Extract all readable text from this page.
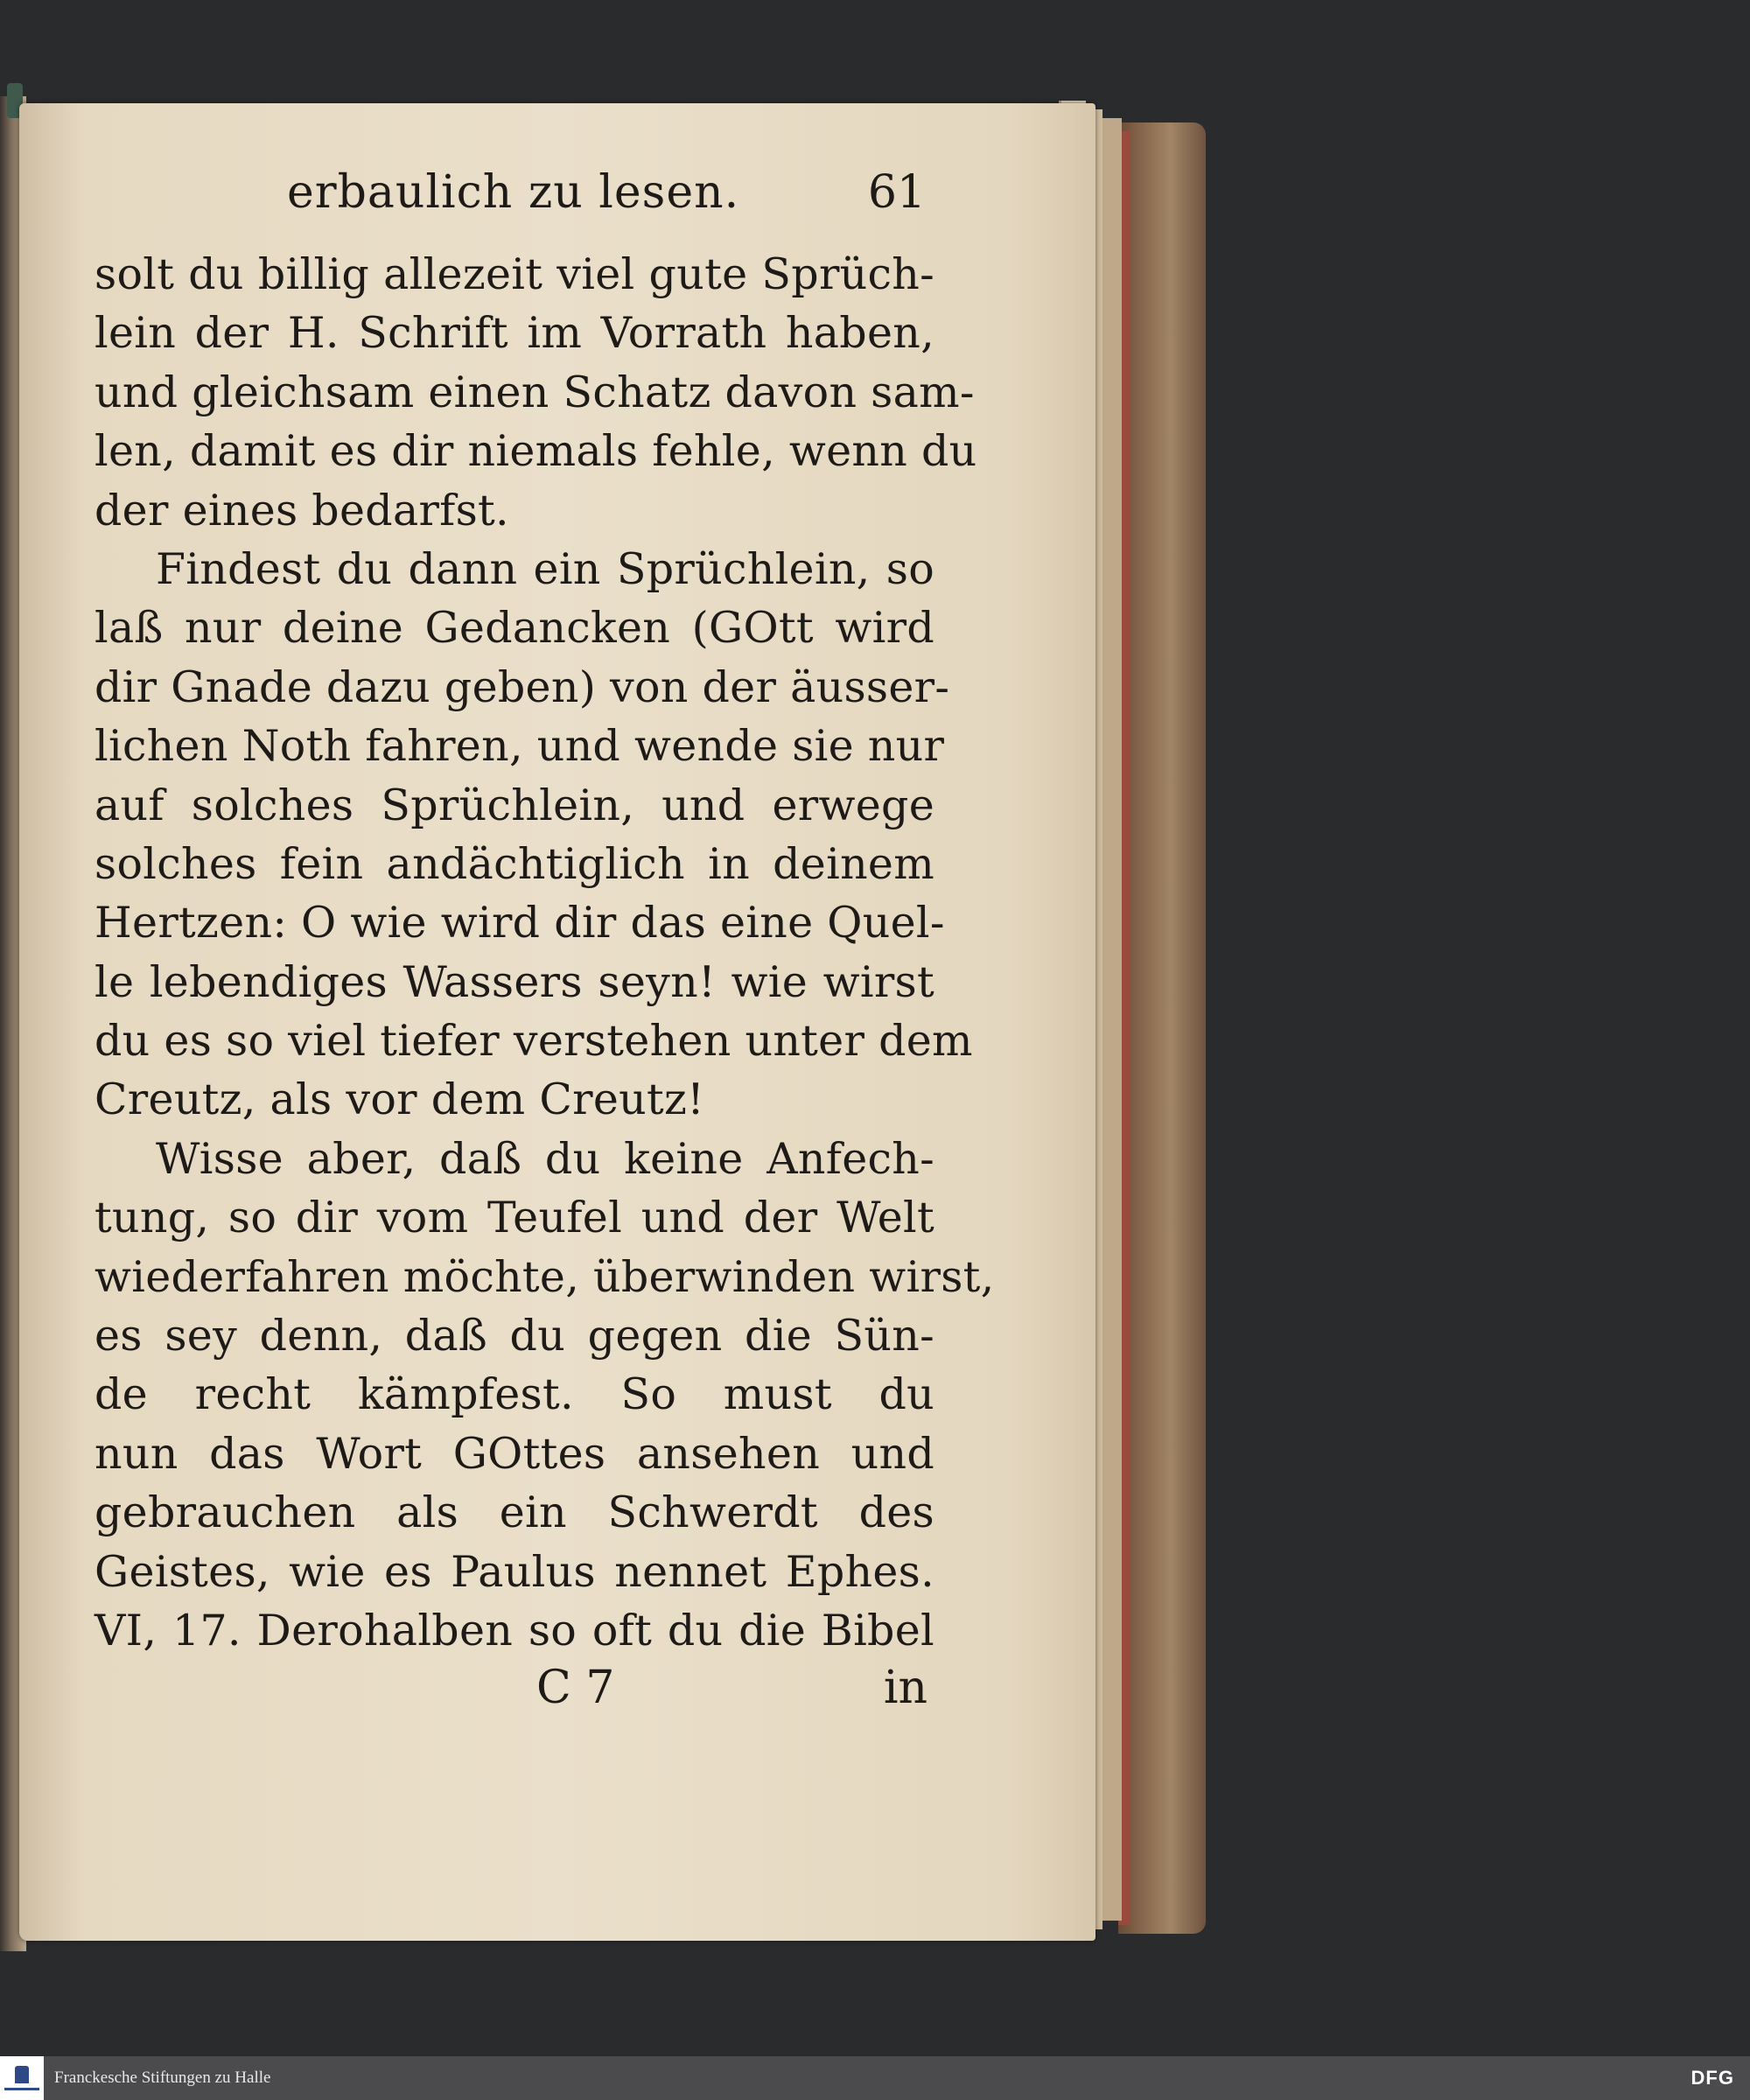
erbaulich zu lesen.	61
solt du billig allezeit viel gute Sprüch-
lein der H. Schrift im Vorrath haben,
und gleichsam einen Schatz davon sam-
len, damit es dir niemals fehle, wenn du
der eines bedarfst.
Findest du dann ein Sprüchlein, so
laß nur deine Gedancken (GOtt wird
dir Gnade dazu geben) von der äusser-
lichen Noth fahren, und wende sie nur
auf solches Sprüchlein, und erwege
solches fein andächtiglich in deinem
Hertzen: O wie wird dir das eine Quel-
le lebendiges Wassers seyn! wie wirst
du es so viel tiefer verstehen unter dem
Creutz, als vor dem Creutz!
Wisse aber, daß du keine Anfech-
tung, so dir vom Teufel und der Welt
wiederfahren möchte, überwinden wirst,
es sey denn, daß du gegen die Sün-
de recht kämpfest. So must du
nun das Wort GOttes ansehen und
gebrauchen als ein Schwerdt des
Geistes, wie es Paulus nennet Ephes.
VI, 17. Derohalben so oft du die Bibel
C 7	in
Franckesche Stiftungen zu Halle	DFG
